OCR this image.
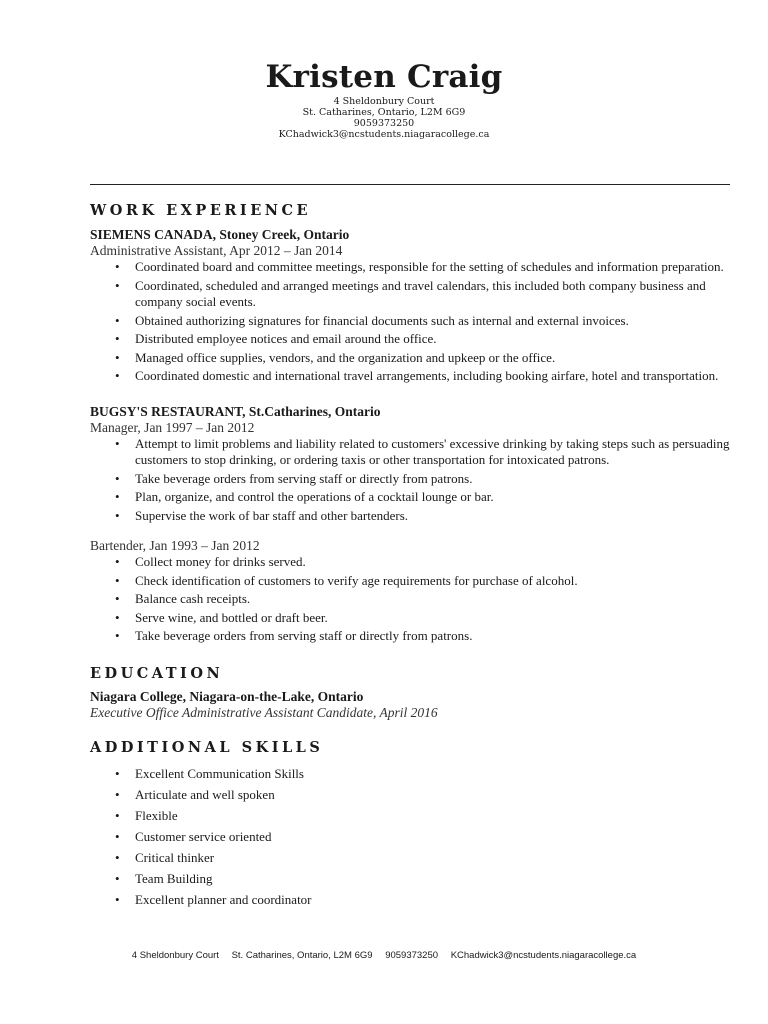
Kristen Craig
4 Sheldonbury Court
St. Catharines, Ontario, L2M 6G9
9059373250
KChadwick3@ncstudents.niagaracollege.ca
WORK EXPERIENCE
SIEMENS CANADA, Stoney Creek, Ontario
Administrative Assistant, Apr 2012 – Jan 2014
• Coordinated board and committee meetings, responsible for the setting of schedules and information preparation.
• Coordinated, scheduled and arranged meetings and travel calendars, this included both company business and company social events.
• Obtained authorizing signatures for financial documents such as internal and external invoices.
• Distributed employee notices and email around the office.
• Managed office supplies, vendors, and the organization and upkeep or the office.
• Coordinated domestic and international travel arrangements, including booking airfare, hotel and transportation.
BUGSY'S RESTAURANT, St.Catharines, Ontario
Manager, Jan 1997 – Jan 2012
• Attempt to limit problems and liability related to customers' excessive drinking by taking steps such as persuading customers to stop drinking, or ordering taxis or other transportation for intoxicated patrons.
• Take beverage orders from serving staff or directly from patrons.
• Plan, organize, and control the operations of a cocktail lounge or bar.
• Supervise the work of bar staff and other bartenders.
Bartender, Jan 1993 – Jan 2012
• Collect money for drinks served.
• Check identification of customers to verify age requirements for purchase of alcohol.
• Balance cash receipts.
• Serve wine, and bottled or draft beer.
• Take beverage orders from serving staff or directly from patrons.
EDUCATION
Niagara College, Niagara-on-the-Lake, Ontario
Executive Office Administrative Assistant Candidate, April 2016
ADDITIONAL SKILLS
• Excellent Communication Skills
• Articulate and well spoken
• Flexible
• Customer service oriented
• Critical thinker
• Team Building
• Excellent planner and coordinator
4 Sheldonbury Court St. Catharines, Ontario, L2M 6G9 9059373250 KChadwick3@ncstudents.niagaracollege.ca
